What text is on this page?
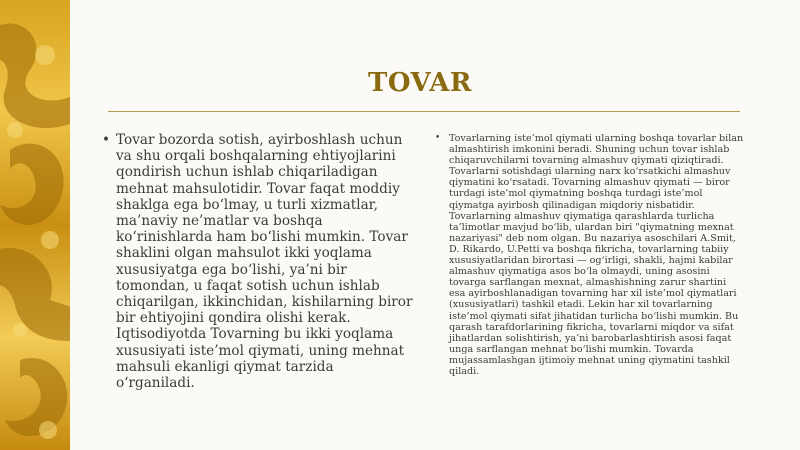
TOVAR
• Tovar bozorda sotish, ayirboshlash uchun va shu orqali boshqalarning ehtiyojlarini qondirish uchun ishlab chiqariladigan mehnat mahsulotidir. Tovar faqat moddiy shaklga ega bo‘lmay, u turli xizmatlar, ma’naviy ne’matlar va boshqa ko‘rinishlarda ham bo‘lishi mumkin. Tovar shaklini olgan mahsulot ikki yoqlama xususiyatga ega bo‘lishi, ya’ni bir tomondan, u faqat sotish uchun ishlab chiqarilgan, ikkinchidan, kishilarning biror bir ehtiyojini qondira olishi kerak. Iqtisodiyotda Tovarning bu ikki yoqlama xususiyati iste’mol qiymati, uning mehnat mahsuli ekanligi qiymat tarzida o‘rganiladi.
• Tovarlarning iste’mol qiymati ularning boshqa tovarlar bilan almashtirish imkonini beradi. Shuning uchun tovar ishlab chiqaruvchilarni tovarning almashuv qiymati qiziqtiradi. Tovarlarni sotishdagi ularning narx ko‘rsatkichi almashuv qiymatini ko‘rsatadi. Tovarning almashuv qiymati — biror turdagi iste’mol qiymatning boshqa turdagi iste’mol qiymatga ayirbosh qilinadigan miqdoriy nisbatidir. Tovarlarning almashuv qiymatiga qarashlarda turlicha ta’limotlar mavjud bo‘lib, ulardan biri "qiymatning mexnat nazariyasi" deb nom olgan. Bu nazariya asoschilari A.Smit, D. Rikardo, U.Petti va boshqa fikricha, tovarlarning tabiiy xususiyatlaridan birortasi — og‘irligi, shakli, hajmi kabilar almashuv qiymatiga asos bo‘la olmaydi, uning asosini tovarga sarflangan mexnat, almashishning zarur shartini esa ayirboshlanadigan tovarning har xil iste’mol qiymatlari (xususiyatlari) tashkil etadi. Lekin har xil tovarlarning iste’mol qiymati sifat jihatidan turlicha bo‘lishi mumkin. Bu qarash tarafdorlarining fikricha, tovarlarni miqdor va sifat jihatlardan solishtirish, ya’ni barobarlashtirish asosi faqat unga sarflangan mehnat bo‘lishi mumkin. Tovarda mujassamlashgan ijtimoiy mehnat uning qiymatini tashkil qiladi.
